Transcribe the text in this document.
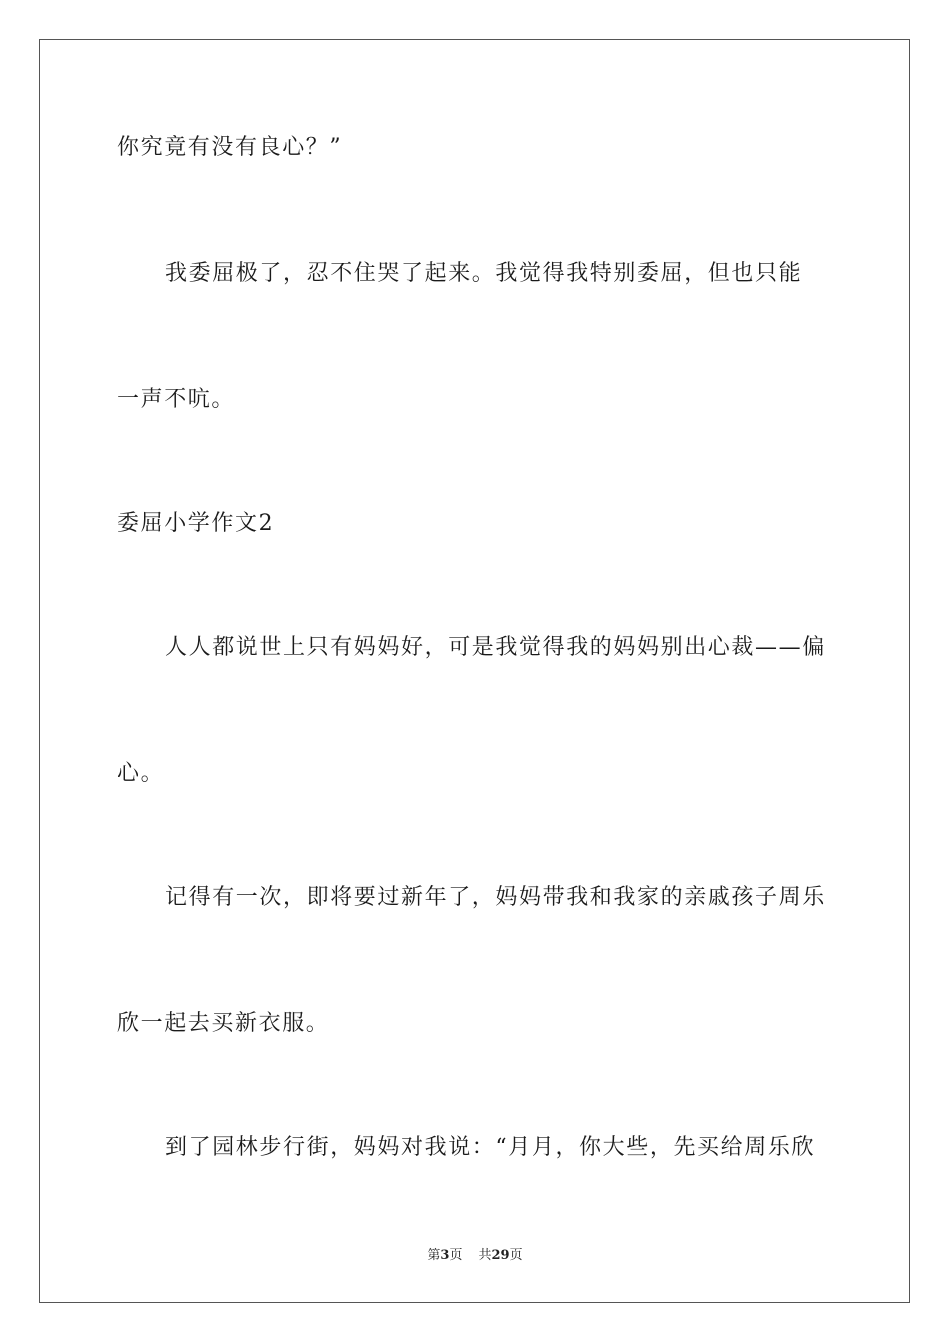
你究竟有没有良心？”
我委屈极了，忍不住哭了起来。我觉得我特别委屈，但也只能
一声不吭。
委屈小学作文2
人人都说世上只有妈妈好，可是我觉得我的妈妈别出心裁——偏
心。
记得有一次，即将要过新年了，妈妈带我和我家的亲戚孩子周乐
欣一起去买新衣服。
到了园林步行街，妈妈对我说：“月月，你大些，先买给周乐欣
第3页 共29页
